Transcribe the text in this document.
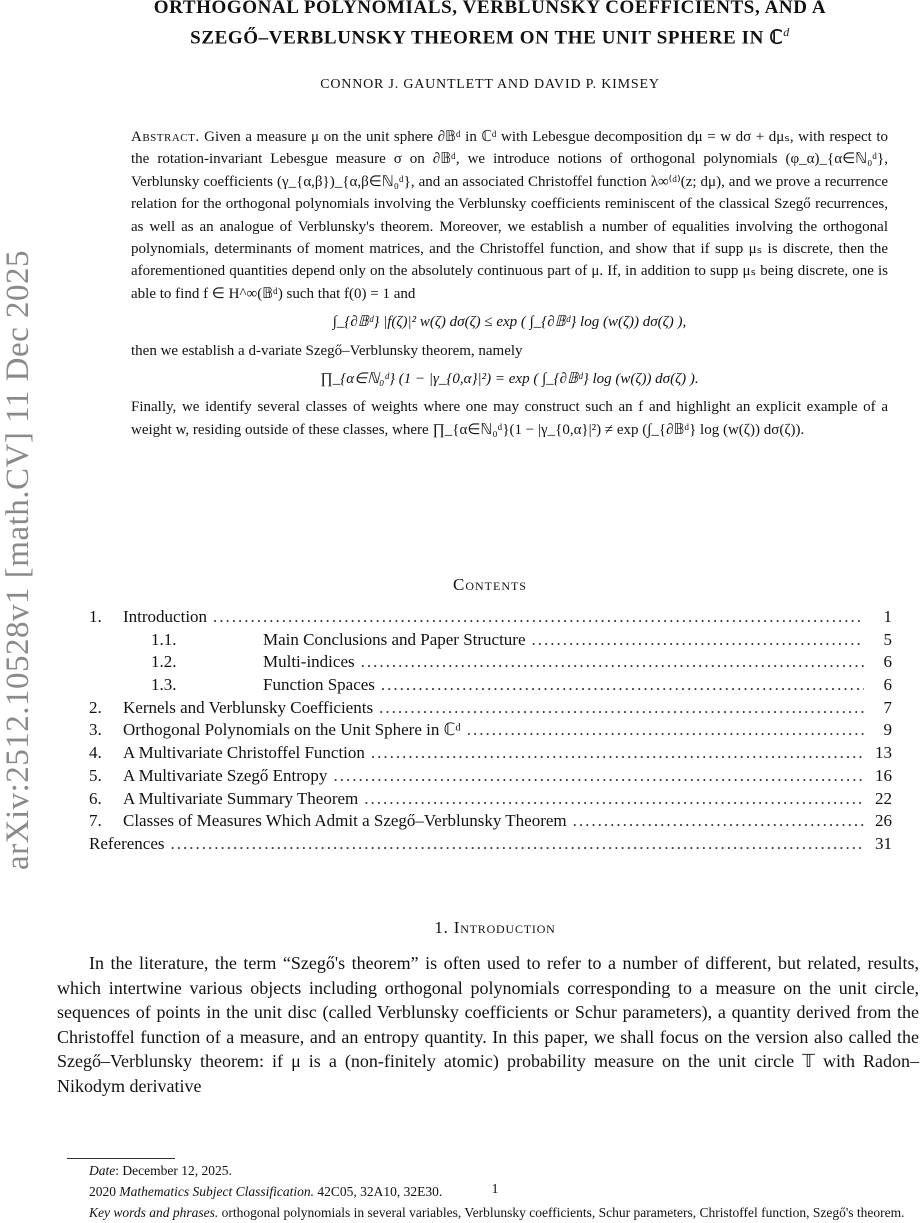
arXiv:2512.10528v1 [math.CV] 11 Dec 2025
ORTHOGONAL POLYNOMIALS, VERBLUNSKY COEFFICIENTS, AND A
SZEGŐ–VERBLUNSKY THEOREM ON THE UNIT SPHERE IN ℂ$^d$
CONNOR J. GAUNTLETT AND DAVID P. KIMSEY

Abstract. Given a measure μ on the unit sphere ∂𝔹ᵈ in ℂᵈ with Lebesgue decomposition dμ = w dσ + dμₛ, with respect to the rotation-invariant Lebesgue measure σ on ∂𝔹ᵈ, we introduce notions of orthogonal polynomials (φ_α)_{α∈ℕ₀ᵈ}, Verblunsky coefficients (γ_{α,β})_{α,β∈ℕ₀ᵈ}, and an associated Christoffel function λ∞⁽ᵈ⁾(z; dμ), and we prove a recurrence relation for the orthogonal polynomials involving the Verblunsky coefficients reminiscent of the classical Szegő recurrences, as well as an analogue of Verblunsky's theorem. Moreover, we establish a number of equalities involving the orthogonal polynomials, determinants of moment matrices, and the Christoffel function, and show that if supp μₛ is discrete, then the aforementioned quantities depend only on the absolutely continuous part of μ. If, in addition to supp μₛ being discrete, one is able to find f ∈ H^∞(𝔹ᵈ) such that f(0) = 1 and

∫_{∂𝔹ᵈ} |f(ζ)|² w(ζ) dσ(ζ) ≤ exp ( ∫_{∂𝔹ᵈ} log (w(ζ)) dσ(ζ) ),

then we establish a d-variate Szegő–Verblunsky theorem, namely

∏_{α∈ℕ₀ᵈ} (1 − |γ_{0,α}|²) = exp ( ∫_{∂𝔹ᵈ} log (w(ζ)) dσ(ζ) ).

Finally, we identify several classes of weights where one may construct such an f and highlight an explicit example of a weight w, residing outside of these classes, where ∏_{α∈ℕ₀ᵈ}(1 − |γ_{0,α}|²) ≠ exp (∫_{∂𝔹ᵈ} log (w(ζ)) dσ(ζ)).

Contents
1.	Introduction .....	1
1.1.	Main Conclusions and Paper Structure .....	5
1.2.	Multi-indices .....	6
1.3.	Function Spaces .....	6
2.	Kernels and Verblunsky Coefficients .....	7
3.	Orthogonal Polynomials on the Unit Sphere in ℂᵈ .....	9
4.	A Multivariate Christoffel Function .....	13
5.	A Multivariate Szegő Entropy .....	16
6.	A Multivariate Summary Theorem .....	22
7.	Classes of Measures Which Admit a Szegő–Verblunsky Theorem .....	26
References .....	31
1. Introduction

In the literature, the term “Szegő's theorem” is often used to refer to a number of different, but related, results, which intertwine various objects including orthogonal polynomials corresponding to a measure on the unit circle, sequences of points in the unit disc (called Verblunsky coefficients or Schur parameters), a quantity derived from the Christoffel function of a measure, and an entropy quantity. In this paper, we shall focus on the version also called the Szegő–Verblunsky theorem: if μ is a (non-finitely atomic) probability measure on the unit circle 𝕋 with Radon–Nikodym derivative

Date: December 12, 2025.
2020 Mathematics Subject Classification. 42C05, 32A10, 32E30.
Key words and phrases. orthogonal polynomials in several variables, Verblunsky coefficients, Schur parameters, Christoffel function, Szegő's theorem.
1
